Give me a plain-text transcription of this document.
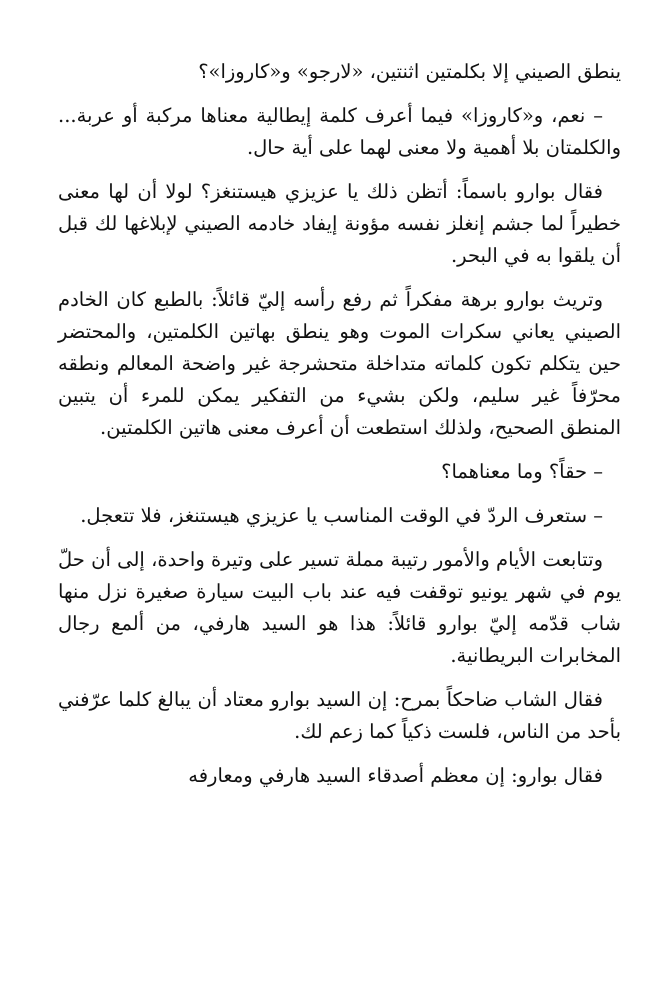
ينطق الصيني إلا بكلمتين اثنتين، «لارجو» و«كاروزا»؟

– نعم، و«كاروزا» فيما أعرف كلمة إيطالية معناها مركبة أو عربة... والكلمتان بلا أهمية ولا معنى لهما على أية حال.

فقال بوارو باسماً: أتظن ذلك يا عزيزي هيستنغز؟ لولا أن لها معنى خطيراً لما جشم إنغلز نفسه مؤونة إيفاد خادمه الصيني لإبلاغها لك قبل أن يلقوا به في البحر.

وتريث بوارو برهة مفكراً ثم رفع رأسه إليّ قائلاً: بالطبع كان الخادم الصيني يعاني سكرات الموت وهو ينطق بهاتين الكلمتين، والمحتضر حين يتكلم تكون كلماته متداخلة متحشرجة غير واضحة المعالم ونطقه محرّفاً غير سليم، ولكن بشيء من التفكير يمكن للمرء أن يتبين المنطق الصحيح، ولذلك استطعت أن أعرف معنى هاتين الكلمتين.

– حقاً؟ وما معناهما؟

– ستعرف الردّ في الوقت المناسب يا عزيزي هيستنغز، فلا تتعجل.

وتتابعت الأيام والأمور رتيبة مملة تسير على وتيرة واحدة، إلى أن حلّ يوم في شهر يونيو توقفت فيه عند باب البيت سيارة صغيرة نزل منها شاب قدّمه إليّ بوارو قائلاً: هذا هو السيد هارفي، من ألمع رجال المخابرات البريطانية.

فقال الشاب ضاحكاً بمرح: إن السيد بوارو معتاد أن يبالغ كلما عرّفني بأحد من الناس، فلست ذكياً كما زعم لك.

فقال بوارو: إن معظم أصدقاء السيد هارفي ومعارفه
